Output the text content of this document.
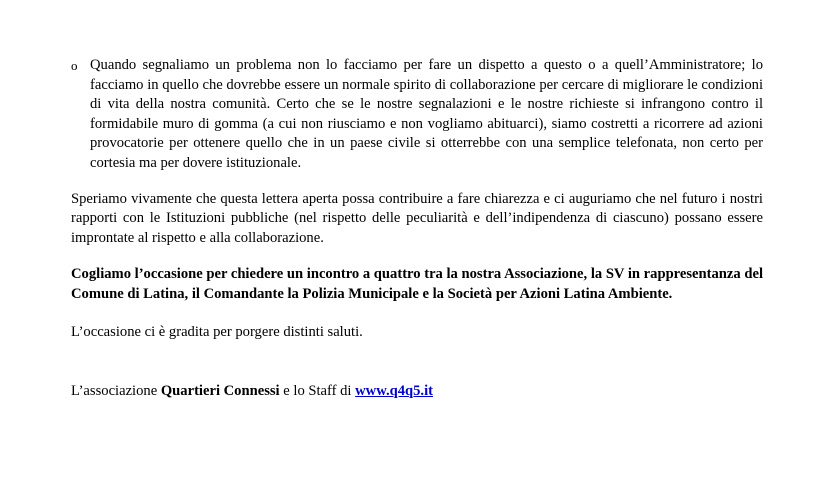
o Quando segnaliamo un problema non lo facciamo per fare un dispetto a questo o a quell’Amministratore; lo facciamo in quello che dovrebbe essere un normale spirito di collaborazione per cercare di migliorare le condizioni di vita della nostra comunità. Certo che se le nostre segnalazioni e le nostre richieste si infrangono contro il formidabile muro di gomma (a cui non riusciamo e non vogliamo abituarci), siamo costretti a ricorrere ad azioni provocatorie per ottenere quello che in un paese civile si otterrebbe con una semplice telefonata, non certo per cortesia ma per dovere istituzionale.

Speriamo vivamente che questa lettera aperta possa contribuire a fare chiarezza e ci auguriamo che nel futuro i nostri rapporti con le Istituzioni pubbliche (nel rispetto delle peculiarità e dell’indipendenza di ciascuno) possano essere improntate al rispetto e alla collaborazione.

Cogliamo l’occasione per chiedere un incontro a quattro tra la nostra Associazione, la SV in rappresentanza del Comune di Latina, il Comandante la Polizia Municipale e la Società per Azioni Latina Ambiente.

L’occasione ci è gradita per porgere distinti saluti.

L’associazione Quartieri Connessi e lo Staff di www.q4q5.it
